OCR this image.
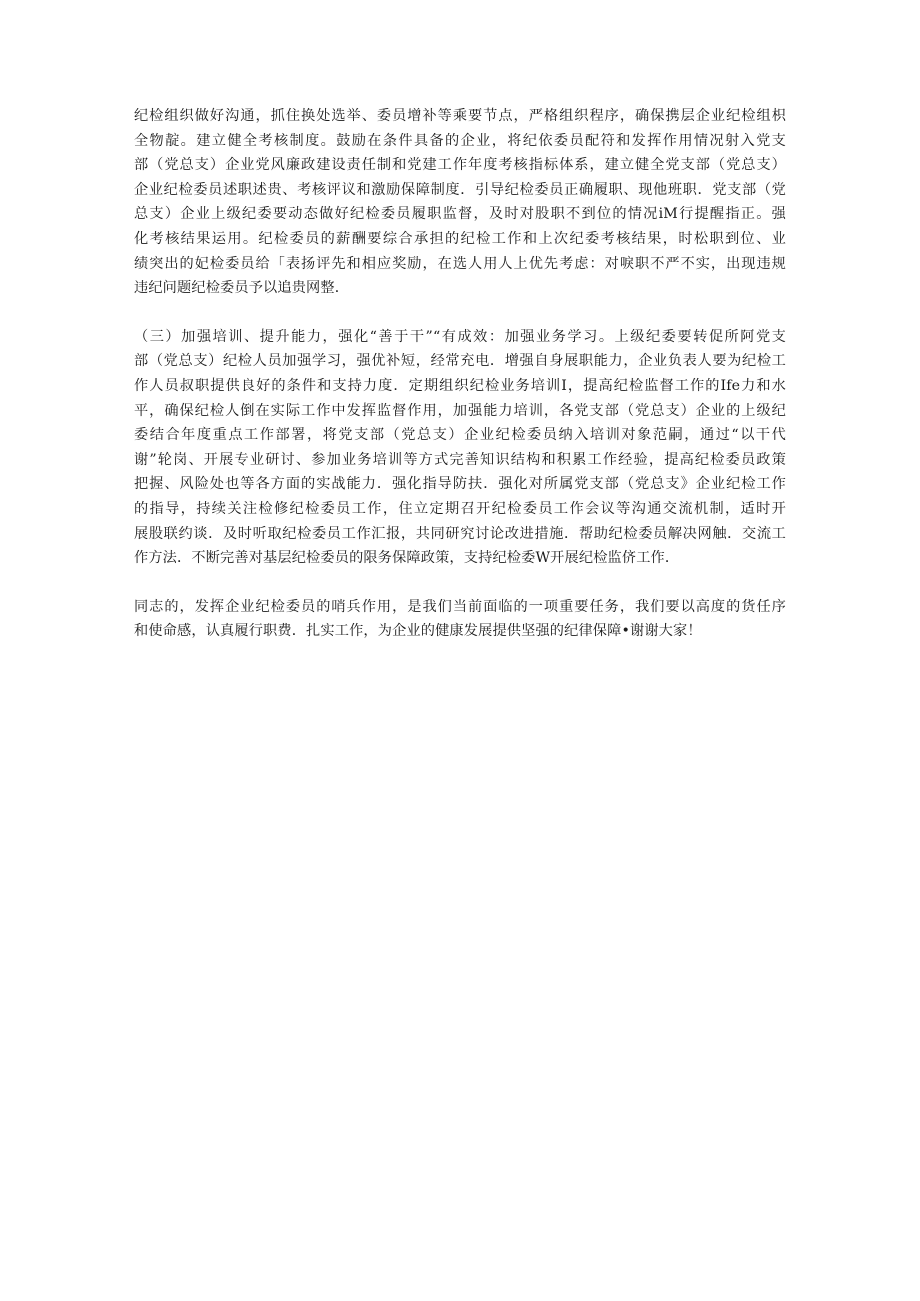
纪检组织做好沟通，抓住换处选举、委员增补等乘要节点，严格组织程序，确保携层企业纪检组枳
全物靛。建立健全考核制度。鼓励在条件具备的企业，将纪依委员配符和发挥作用情况射入党支
部（党总支）企业党风廉政建设责任制和党建工作年度考核指标体系，建立健全党支部（党总支）
企业纪检委员述职述贵、考核评议和激励保障制度．引导纪检委员正确履职、现他班职．党支部（党
总支）企业上级纪委要动态做好纪检委员履职监督，及时对股职不到位的情况iM行提醒指正。强
化考核结果运用。纪检委员的薪酬要综合承担的纪检工作和上次纪委考核结果，时松职到位、业
绩突出的妃检委员给「表扬评先和相应奖励，在选人用人上优先考虑：对唳职不严不实，出现违规
违纪问题纪检委员予以追贵网整．
（三）加强培训、提升能力，强化“善于干”“有成效：加强业务学习。上级纪委要转促所阿党支
部（党总支）纪检人员加强学习，强优补短，经常充电．增强自身展职能力，企业负表人要为纪检工
作人员叔职提供良好的条件和支持力度．定期组织纪检业务培训I，提高纪检监督工作的Ife力和水
平，确保纪检人倒在实际工作中发挥监督作用，加强能力培训，各党支部（党总支）企业的上级纪
委结合年度重点工作部署，将党支部（党总支）企业纪检委员纳入培训对象范嗣，通过“以干代
谢”轮岗、开展专业研讨、参加业务培训等方式完善知识结构和积累工作经验，提高纪检委员政策
把握、风险处也等各方面的实战能力．强化指导防扶．强化对所属党支部（党总支》企业纪检工作
的指导，持续关注检修纪检委员工作，住立定期召开纪检委员工作会议等沟通交流机制，适时开
展股联约谈．及时听取纪检委员工作汇报，共同研究讨论改进措施．帮助纪检委员解决网触．交流工
作方法．不断完善对基层纪检委员的限务保障政策，支持纪检委W开展纪检监侪工作．
同志的，发挥企业纪检委员的哨兵作用，是我们当前面临的一项重要任务，我们要以高度的货任序
和使命感，认真履行职费．扎实工作，为企业的健康发展提供坚强的纪律保障•谢谢大家！
